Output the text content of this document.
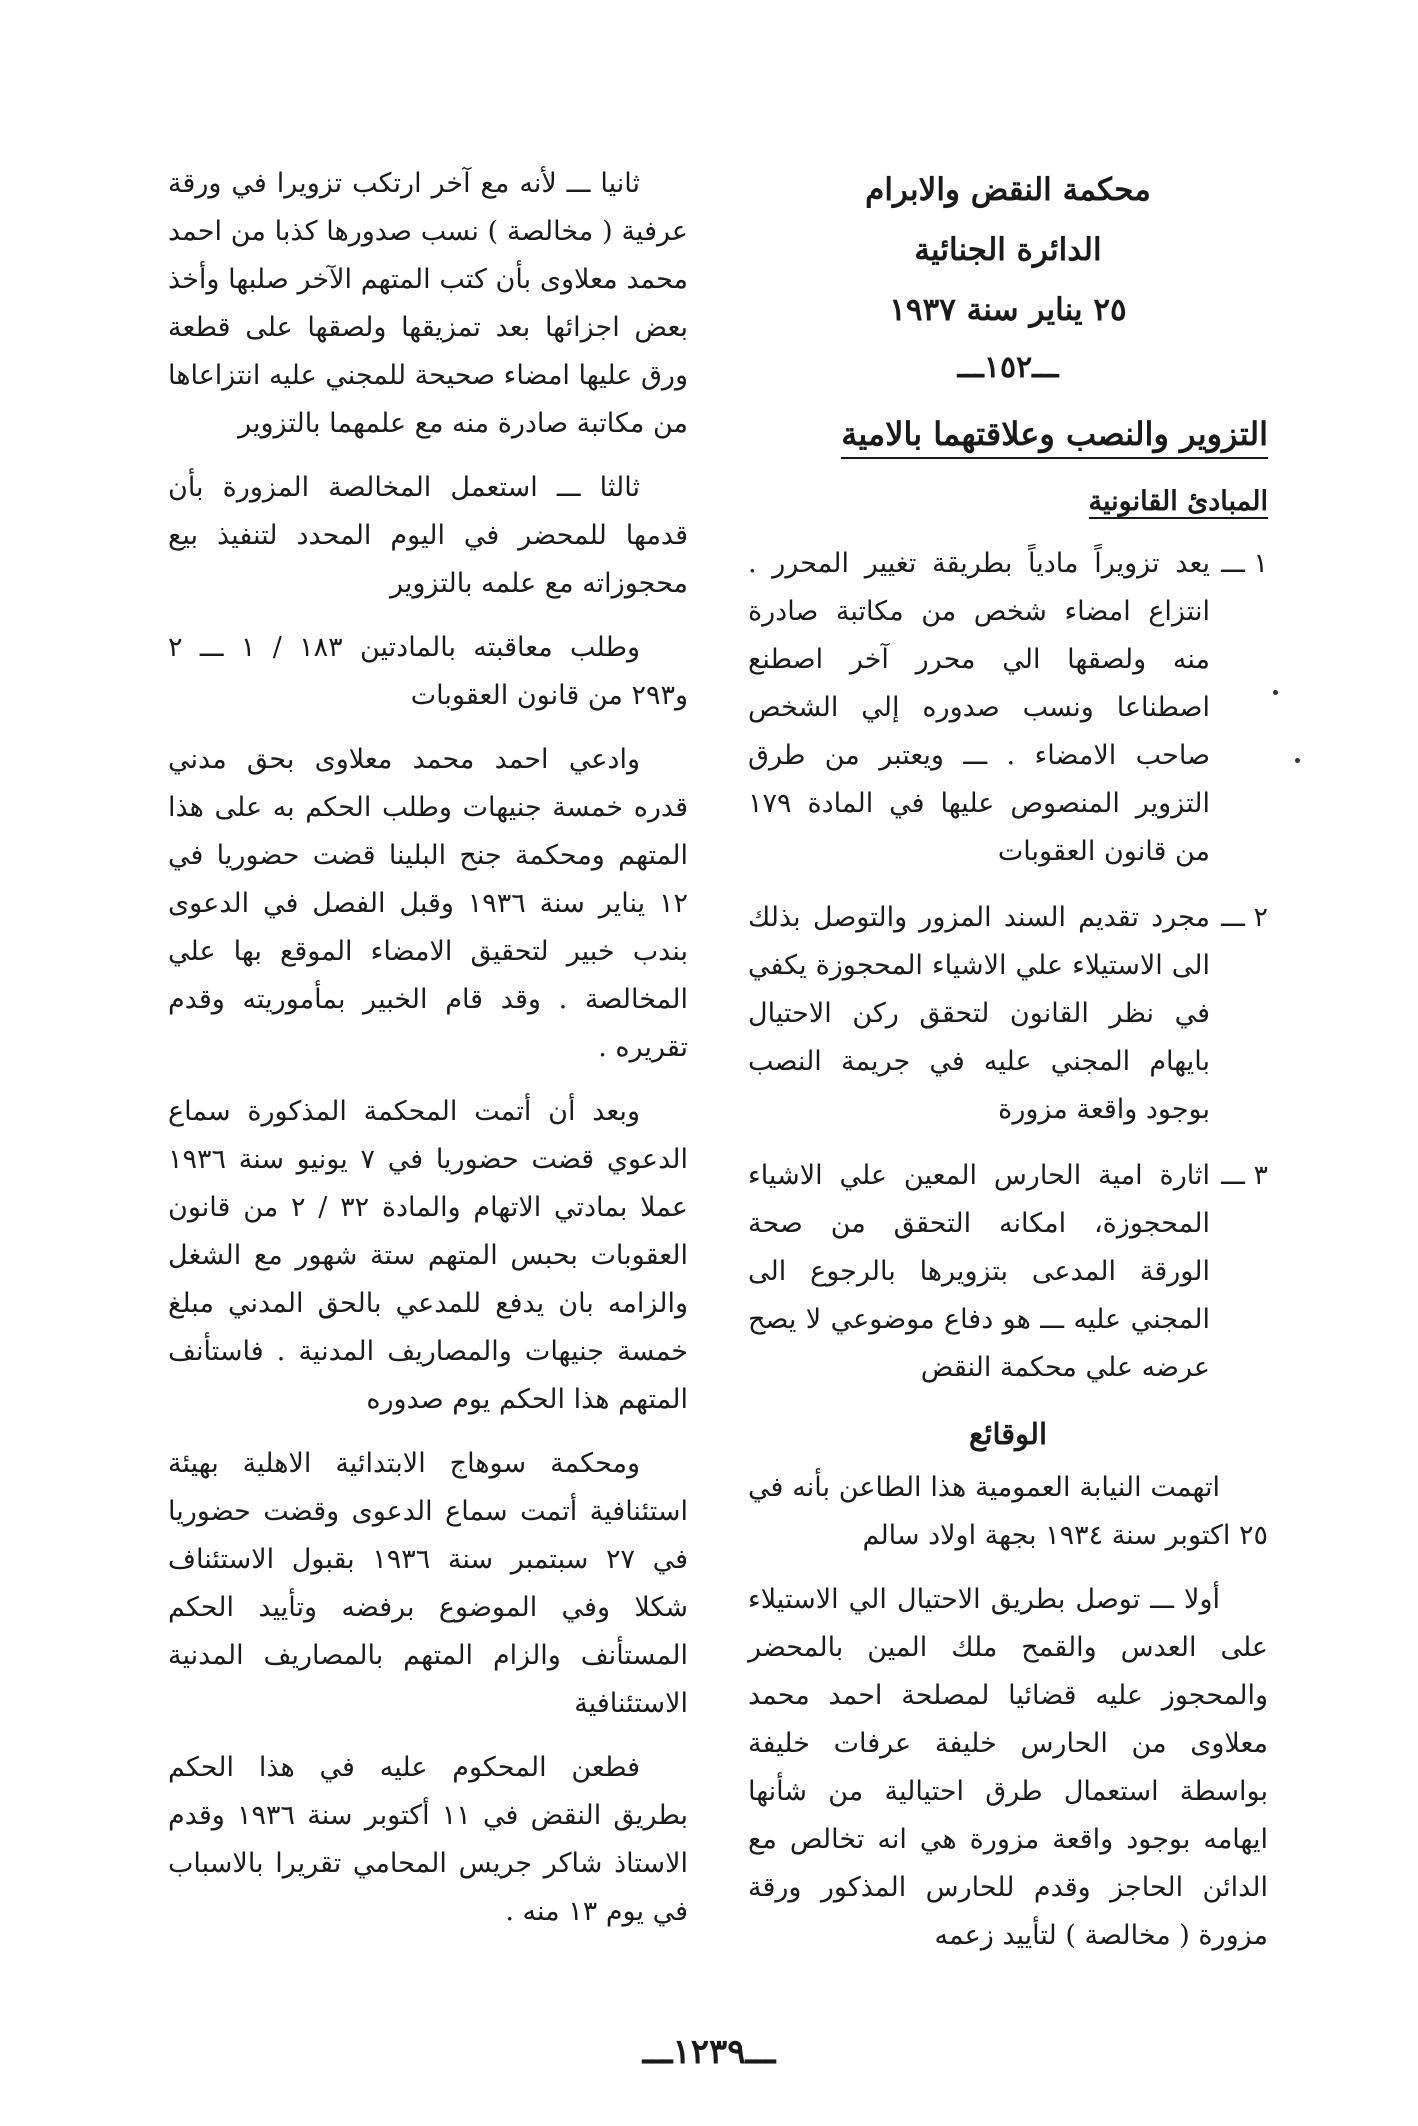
محكمة النقض والابرام
الدائرة الجنائية
٢٥ يناير سنة ١٩٣٧
ـــ١٥٢ـــ
التزوير والنصب وعلاقتهما بالامية
المبادئ القانونية
١ ـــ
يعد تزويراً مادياً بطريقة تغيير المحرر . انتزاع امضاء شخص من مكاتبة صادرة منه ولصقها الي محرر آخر اصطنع اصطناعا ونسب صدوره إلي الشخص صاحب الامضاء . ـــ ويعتبر من طرق التزوير المنصوص عليها في المادة ١٧٩ من قانون العقوبات
٢ ـــ
مجرد تقديم السند المزور والتوصل بذلك الى الاستيلاء علي الاشياء المحجوزة يكفي في نظر القانون لتحقق ركن الاحتيال بايهام المجني عليه في جريمة النصب بوجود واقعة مزورة
٣ ـــ
اثارة امية الحارس المعين علي الاشياء المحجوزة، امكانه التحقق من صحة الورقة المدعى بتزويرها بالرجوع الى المجني عليه ـــ هو دفاع موضوعي لا يصح عرضه علي محكمة النقض
الوقائع

اتهمت النيابة العمومية هذا الطاعن بأنه في ٢٥ اكتوبر سنة ١٩٣٤ بجهة اولاد سالم

أولا ـــ توصل بطريق الاحتيال الي الاستيلاء على العدس والقمح ملك المين بالمحضر والمحجوز عليه قضائيا لمصلحة احمد محمد معلاوى من الحارس خليفة عرفات خليفة بواسطة استعمال طرق احتيالية من شأنها ايهامه بوجود واقعة مزورة هي انه تخالص مع الدائن الحاجز وقدم للحارس المذكور ورقة مزورة ( مخالصة ) لتأييد زعمه

ثانيا ـــ لأنه مع آخر ارتكب تزويرا في ورقة عرفية ( مخالصة ) نسب صدورها كذبا من احمد محمد معلاوى بأن كتب المتهم الآخر صلبها وأخذ بعض اجزائها بعد تمزيقها ولصقها على قطعة ورق عليها امضاء صحيحة للمجني عليه انتزاعاها من مكاتبة صادرة منه مع علمهما بالتزوير

ثالثا ـــ استعمل المخالصة المزورة بأن قدمها للمحضر في اليوم المحدد لتنفيذ بيع محجوزاته مع علمه بالتزوير

وطلب معاقبته بالمادتين ١٨٣ / ١ ـــ ٢ و٢٩٣ من قانون العقوبات

وادعي احمد محمد معلاوى بحق مدني قدره خمسة جنيهات وطلب الحكم به على هذا المتهم ومحكمة جنح البلينا قضت حضوريا في ١٢ يناير سنة ١٩٣٦ وقبل الفصل في الدعوى بندب خبير لتحقيق الامضاء الموقع بها علي المخالصة . وقد قام الخبير بمأموريته وقدم تقريره .

وبعد أن أتمت المحكمة المذكورة سماع الدعوي قضت حضوريا في ٧ يونيو سنة ١٩٣٦ عملا بمادتي الاتهام والمادة ٣٢ / ٢ من قانون العقوبات بحبس المتهم ستة شهور مع الشغل والزامه بان يدفع للمدعي بالحق المدني مبلغ خمسة جنيهات والمصاريف المدنية . فاستأنف المتهم هذا الحكم يوم صدوره

ومحكمة سوهاج الابتدائية الاهلية بهيئة استئنافية أتمت سماع الدعوى وقضت حضوريا في ٢٧ سبتمبر سنة ١٩٣٦ بقبول الاستئناف شكلا وفي الموضوع برفضه وتأييد الحكم المستأنف والزام المتهم بالمصاريف المدنية الاستئنافية

فطعن المحكوم عليه في هذا الحكم بطريق النقض في ١١ أكتوبر سنة ١٩٣٦ وقدم الاستاذ شاكر جريس المحامي تقريرا بالاسباب في يوم ١٣ منه .

ـــ١٢٣٩ـــ
